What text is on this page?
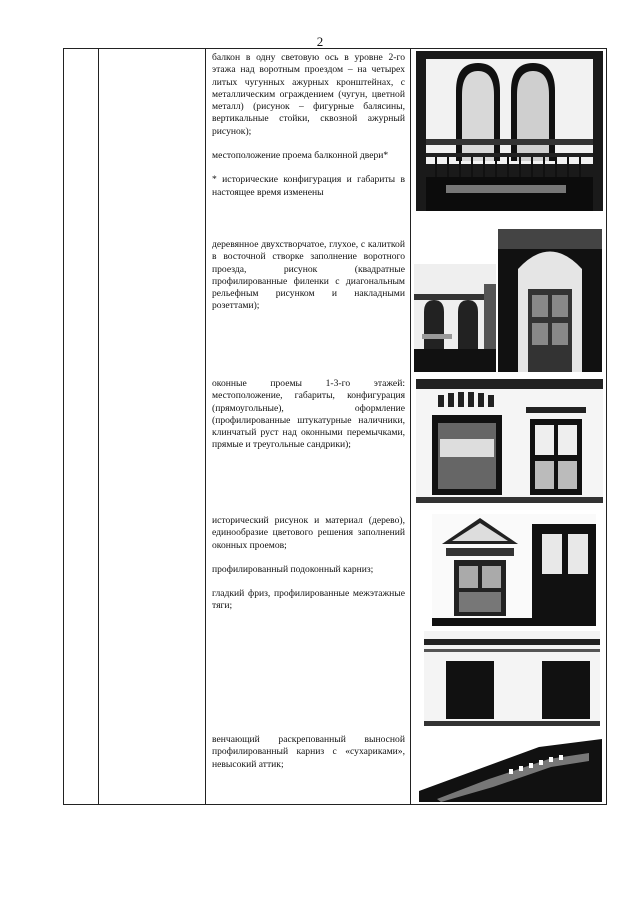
2

балкон в одну световую ось в уровне 2-го этажа над воротным проездом – на четырех литых чугунных ажурных кронштейнах, с металлическим ограждением (чугун, цветной металл) (рисунок – фигурные балясины, вертикальные стойки, сквозной ажурный рисунок);

местоположение проема балконной двери*

* исторические конфигурация и габариты в настоящее время изменены

деревянное двухстворчатое, глухое, с калиткой в восточной створке заполнение воротного проезда, рисунок (квадратные профилированные филенки с диагональным рельефным рисунком и накладными розеттами);

оконные проемы 1-3-го этажей: местоположение, габариты, конфигурация (прямоугольные), оформление (профилированные штукатурные наличники, клинчатый руст над оконными перемычками, прямые и треугольные сандрики);

исторический рисунок и материал (дерево), единообразие цветового решения заполнений оконных проемов;

профилированный подоконный карниз;

гладкий фриз, профилированные межэтажные тяги;

венчающий раскрепованный выносной профилированный карниз с «сухариками», невысокий аттик;
